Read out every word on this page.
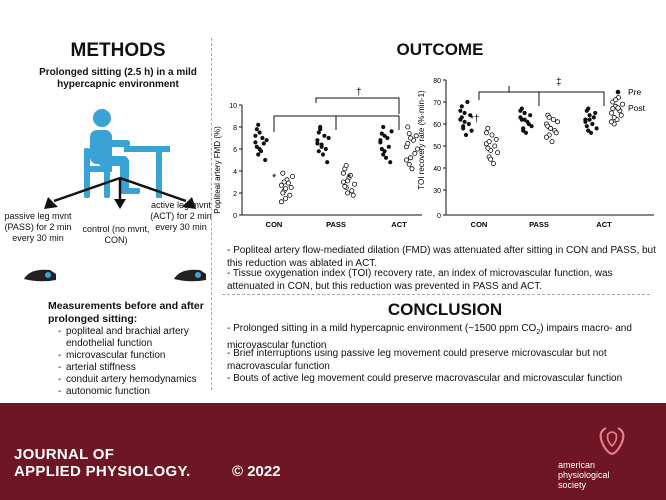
METHODS
Prolonged sitting (2.5 h) in a mild hypercapnic environment
passive leg mvnt (PASS) for 2 min every 30 min
control (no mvnt, CON)
active leg mvnt (ACT) for 2 min every 30 min
Measurements before and after prolonged sitting:
- popliteal and brachial artery endothelial function
- microvascular function
- arterial stiffness
- conduit artery hemodynamics
- autonomic function
OUTCOME
Popliteal artery FMD (%)
0
2
4
6
8
10
CON	PASS	ACT
*	*
†	TOI recovery rate (%·min-1)
0
30
40
50
60
70
80
CON	PASS	ACT
*†
‡
Pre
Post
- Popliteal artery flow-mediated dilation (FMD) was attenuated after sitting in CON and PASS, but this reduction was ablated in ACT.
- Tissue oxygenation index (TOI) recovery rate, an index of microvascular function, was attenuated in CON, but this reduction was prevented in PASS and ACT.
CONCLUSION
- Prolonged sitting in a mild hypercapnic environment (~1500 ppm $CO_2$) impairs macro- and microvascular function
- Brief interruptions using passive leg movement could preserve microvascular but not macrovascular function
- Bouts of active leg movement could preserve macrovascular and microvascular function
JOURNAL OF
APPLIED PHYSIOLOGY.	© 2022	american
physiological
society
